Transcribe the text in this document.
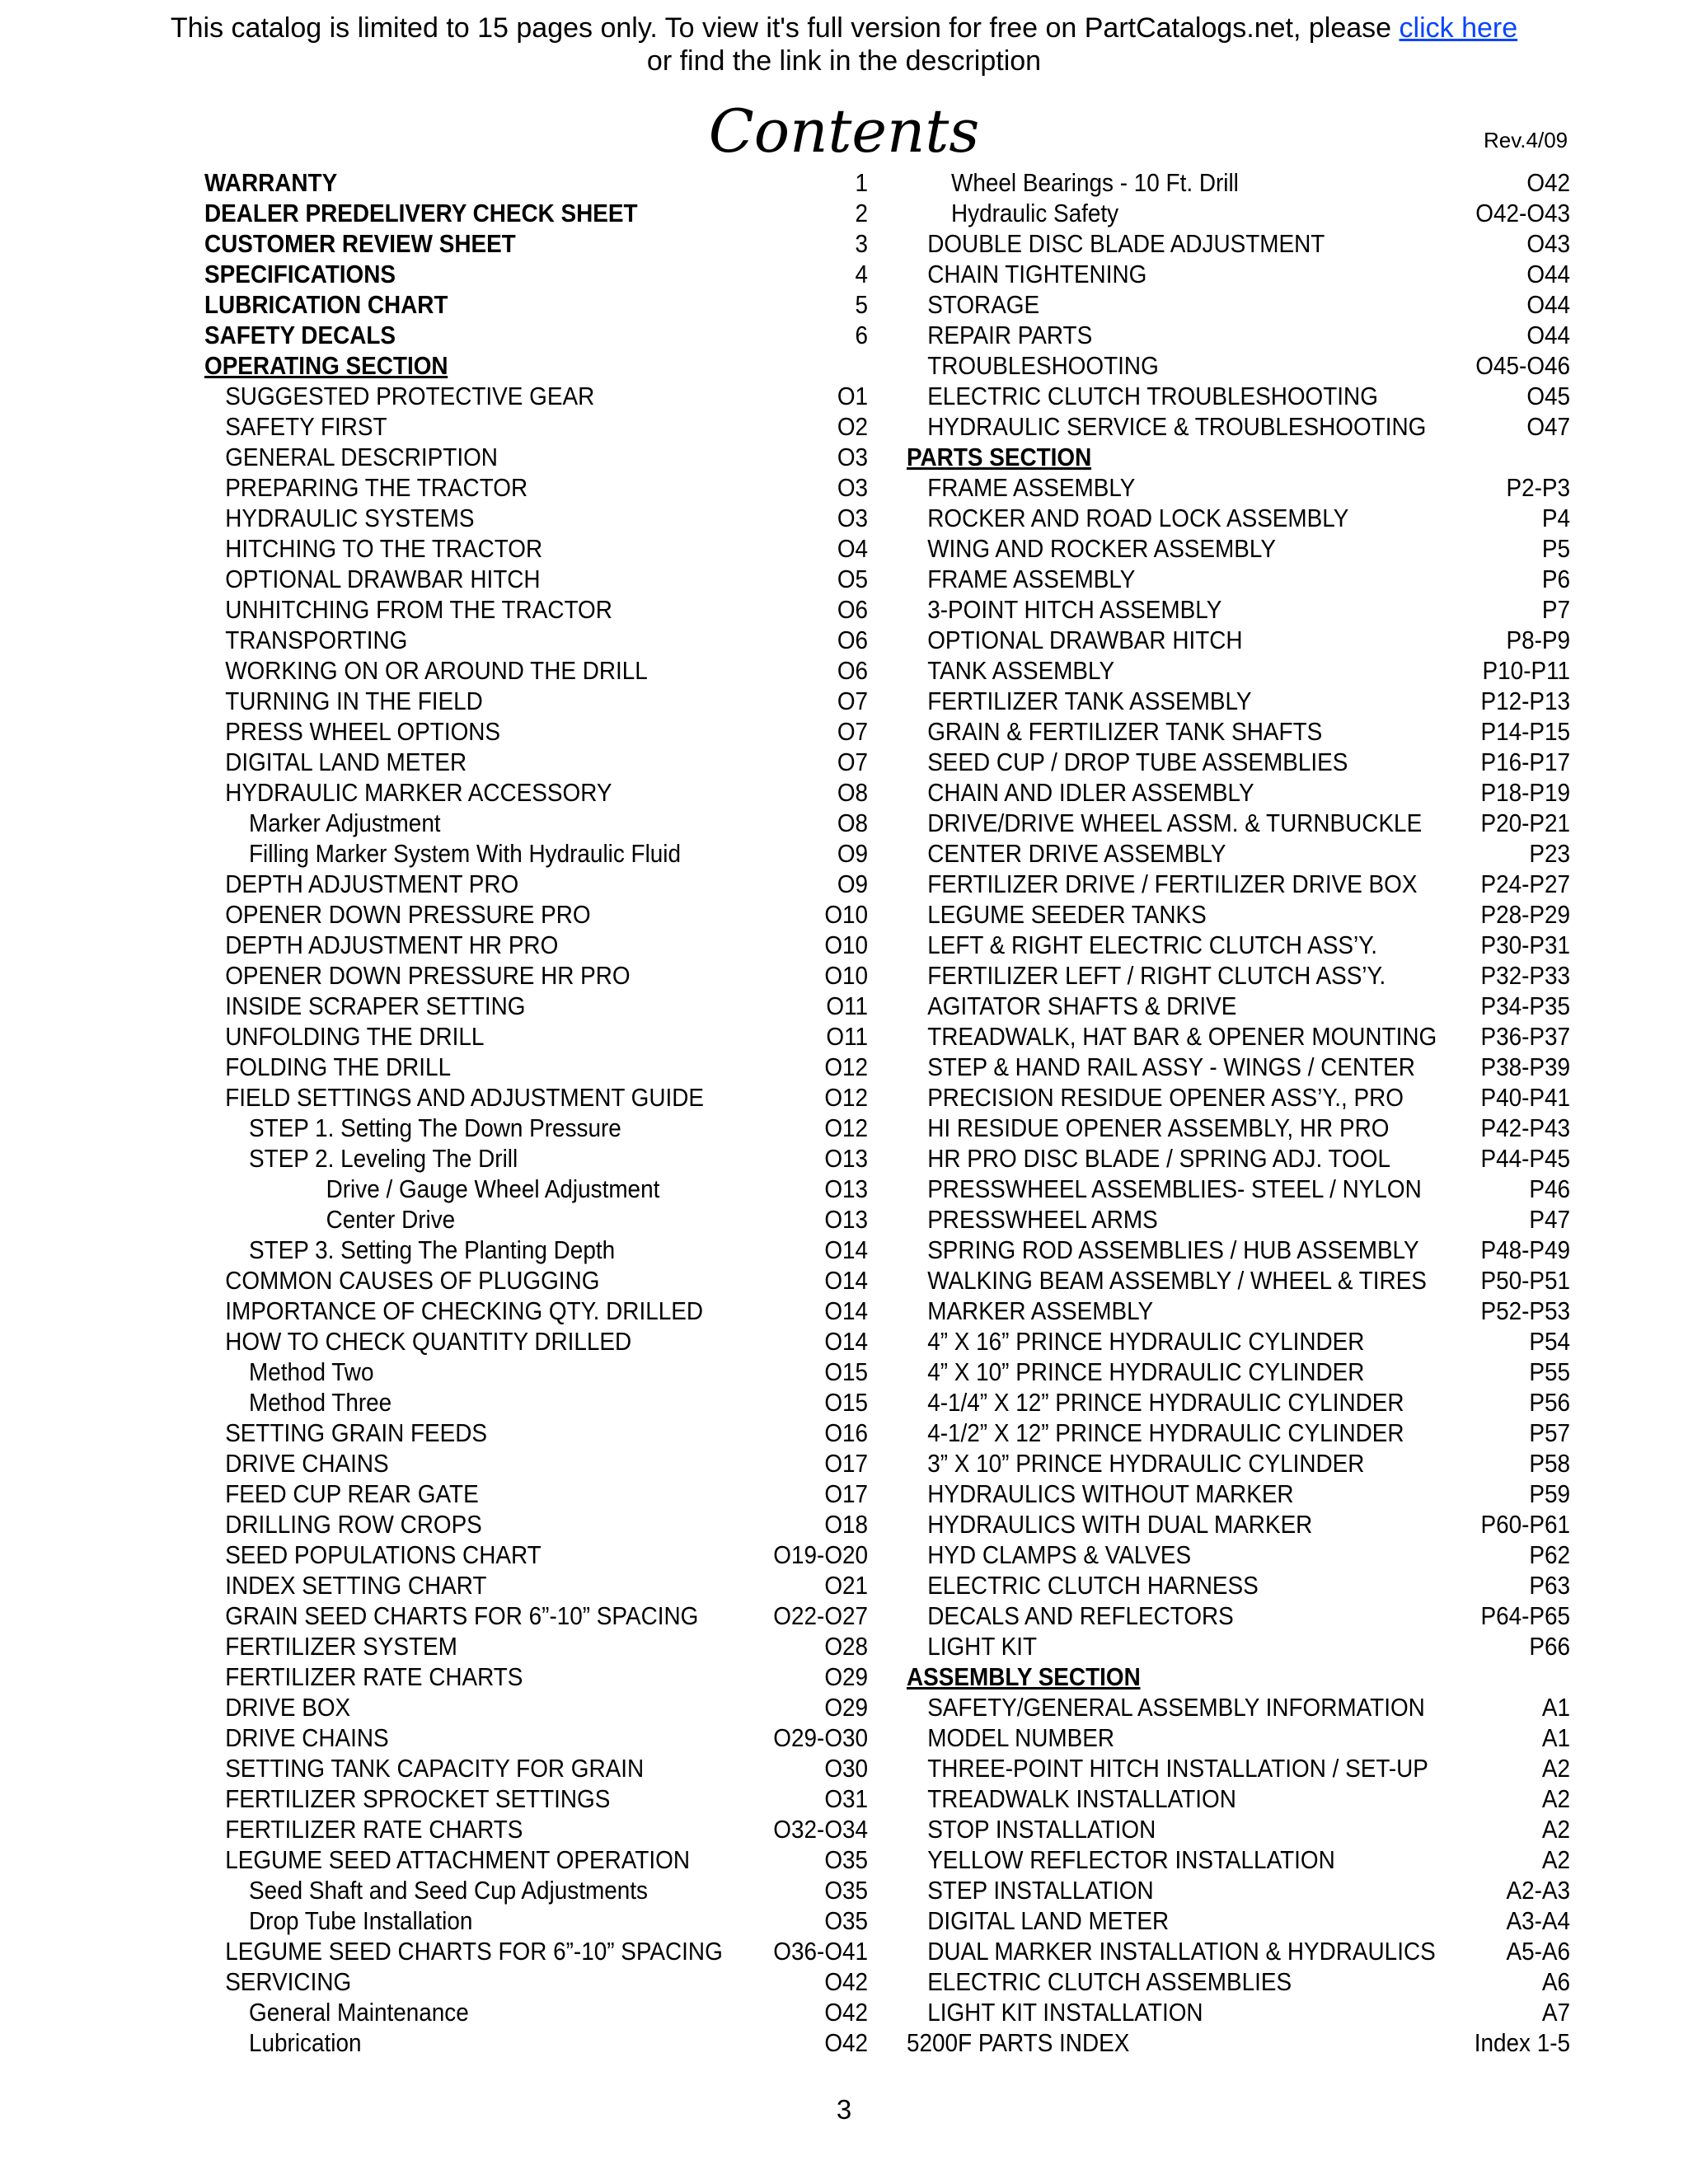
This catalog is limited to 15 pages only. To view it's full version for free on PartCatalogs.net, please click here
or find the link in the description
Contents	Rev.4/09
WARRANTY	1
DEALER PREDELIVERY CHECK SHEET	2
CUSTOMER REVIEW SHEET	3
SPECIFICATIONS	4
LUBRICATION CHART	5
SAFETY DECALS	6
OPERATING SECTION
SUGGESTED PROTECTIVE GEAR	O1
SAFETY FIRST	O2
GENERAL DESCRIPTION	O3
PREPARING THE TRACTOR	O3
HYDRAULIC SYSTEMS	O3
HITCHING TO THE TRACTOR	O4
OPTIONAL DRAWBAR HITCH	O5
UNHITCHING FROM THE TRACTOR	O6
TRANSPORTING	O6
WORKING ON OR AROUND THE DRILL	O6
TURNING IN THE FIELD	O7
PRESS WHEEL OPTIONS	O7
DIGITAL LAND METER	O7
HYDRAULIC MARKER ACCESSORY	O8
Marker Adjustment	O8
Filling Marker System With Hydraulic Fluid	O9
DEPTH ADJUSTMENT PRO	O9
OPENER DOWN PRESSURE PRO	O10
DEPTH ADJUSTMENT HR PRO	O10
OPENER DOWN PRESSURE HR PRO	O10
INSIDE SCRAPER SETTING	O11
UNFOLDING THE DRILL	O11
FOLDING THE DRILL	O12
FIELD SETTINGS AND ADJUSTMENT GUIDE	O12
STEP 1. Setting The Down Pressure	O12
STEP 2. Leveling The Drill	O13
Drive / Gauge Wheel Adjustment	O13
Center Drive	O13
STEP 3. Setting The Planting Depth	O14
COMMON CAUSES OF PLUGGING	O14
IMPORTANCE OF CHECKING QTY. DRILLED	O14
HOW TO CHECK QUANTITY DRILLED	O14
Method Two	O15
Method Three	O15
SETTING GRAIN FEEDS	O16
DRIVE CHAINS	O17
FEED CUP REAR GATE	O17
DRILLING ROW CROPS	O18
SEED POPULATIONS CHART	O19-O20
INDEX SETTING CHART	O21
GRAIN SEED CHARTS FOR 6”-10” SPACING	O22-O27
FERTILIZER SYSTEM	O28
FERTILIZER RATE CHARTS	O29
DRIVE BOX	O29
DRIVE CHAINS	O29-O30
SETTING TANK CAPACITY FOR GRAIN	O30
FERTILIZER SPROCKET SETTINGS	O31
FERTILIZER RATE CHARTS	O32-O34
LEGUME SEED ATTACHMENT OPERATION	O35
Seed Shaft and Seed Cup Adjustments	O35
Drop Tube Installation	O35
LEGUME SEED CHARTS FOR 6”-10” SPACING O36-O41
SERVICING	O42
General Maintenance	O42
Lubrication	O42
Wheel Bearings - 10 Ft. Drill	O42
Hydraulic Safety	O42-O43
DOUBLE DISC BLADE ADJUSTMENT	O43
CHAIN TIGHTENING	O44
STORAGE	O44
REPAIR PARTS	O44
TROUBLESHOOTING	O45-O46
ELECTRIC CLUTCH TROUBLESHOOTING	O45
HYDRAULIC SERVICE & TROUBLESHOOTING	O47
PARTS SECTION
FRAME ASSEMBLY	P2-P3
ROCKER AND ROAD LOCK ASSEMBLY	P4
WING AND ROCKER ASSEMBLY	P5
FRAME ASSEMBLY	P6
3-POINT HITCH ASSEMBLY	P7
OPTIONAL DRAWBAR HITCH	P8-P9
TANK ASSEMBLY	P10-P11
FERTILIZER TANK ASSEMBLY	P12-P13
GRAIN & FERTILIZER TANK SHAFTS	P14-P15
SEED CUP / DROP TUBE ASSEMBLIES	P16-P17
CHAIN AND IDLER ASSEMBLY	P18-P19
DRIVE/DRIVE WHEEL ASSM. & TURNBUCKLE P20-P21
CENTER DRIVE ASSEMBLY	P23
FERTILIZER DRIVE / FERTILIZER DRIVE BOX P24-P27
LEGUME SEEDER TANKS	P28-P29
LEFT & RIGHT ELECTRIC CLUTCH ASS’Y.	P30-P31
FERTILIZER LEFT / RIGHT CLUTCH ASS’Y.	P32-P33
AGITATOR SHAFTS & DRIVE	P34-P35
TREADWALK, HAT BAR & OPENER MOUNTING P36-P37
STEP & HAND RAIL ASSY - WINGS / CENTER	P38-P39
PRECISION RESIDUE OPENER ASS’Y., PRO	P40-P41
HI RESIDUE OPENER ASSEMBLY, HR PRO	P42-P43
HR PRO DISC BLADE / SPRING ADJ. TOOL	P44-P45
PRESSWHEEL ASSEMBLIES- STEEL / NYLON	P46
PRESSWHEEL ARMS	P47
SPRING ROD ASSEMBLIES / HUB ASSEMBLY P48-P49
WALKING BEAM ASSEMBLY / WHEEL & TIRES P50-P51
MARKER ASSEMBLY	P52-P53
4” X 16” PRINCE HYDRAULIC CYLINDER	P54
4” X 10” PRINCE HYDRAULIC CYLINDER	P55
4-1/4” X 12” PRINCE HYDRAULIC CYLINDER	P56
4-1/2” X 12” PRINCE HYDRAULIC CYLINDER	P57
3” X 10” PRINCE HYDRAULIC CYLINDER	P58
HYDRAULICS WITHOUT MARKER	P59
HYDRAULICS WITH DUAL MARKER	P60-P61
HYD CLAMPS & VALVES	P62
ELECTRIC CLUTCH HARNESS	P63
DECALS AND REFLECTORS	P64-P65
LIGHT KIT	P66
ASSEMBLY SECTION
SAFETY/GENERAL ASSEMBLY INFORMATION	A1
MODEL NUMBER	A1
THREE-POINT HITCH INSTALLATION / SET-UP	A2
TREADWALK INSTALLATION	A2
STOP INSTALLATION	A2
YELLOW REFLECTOR INSTALLATION	A2
STEP INSTALLATION	A2-A3
DIGITAL LAND METER	A3-A4
DUAL MARKER INSTALLATION & HYDRAULICS	A5-A6
ELECTRIC CLUTCH ASSEMBLIES	A6
LIGHT KIT INSTALLATION	A7
5200F PARTS INDEX	Index 1-5
3
